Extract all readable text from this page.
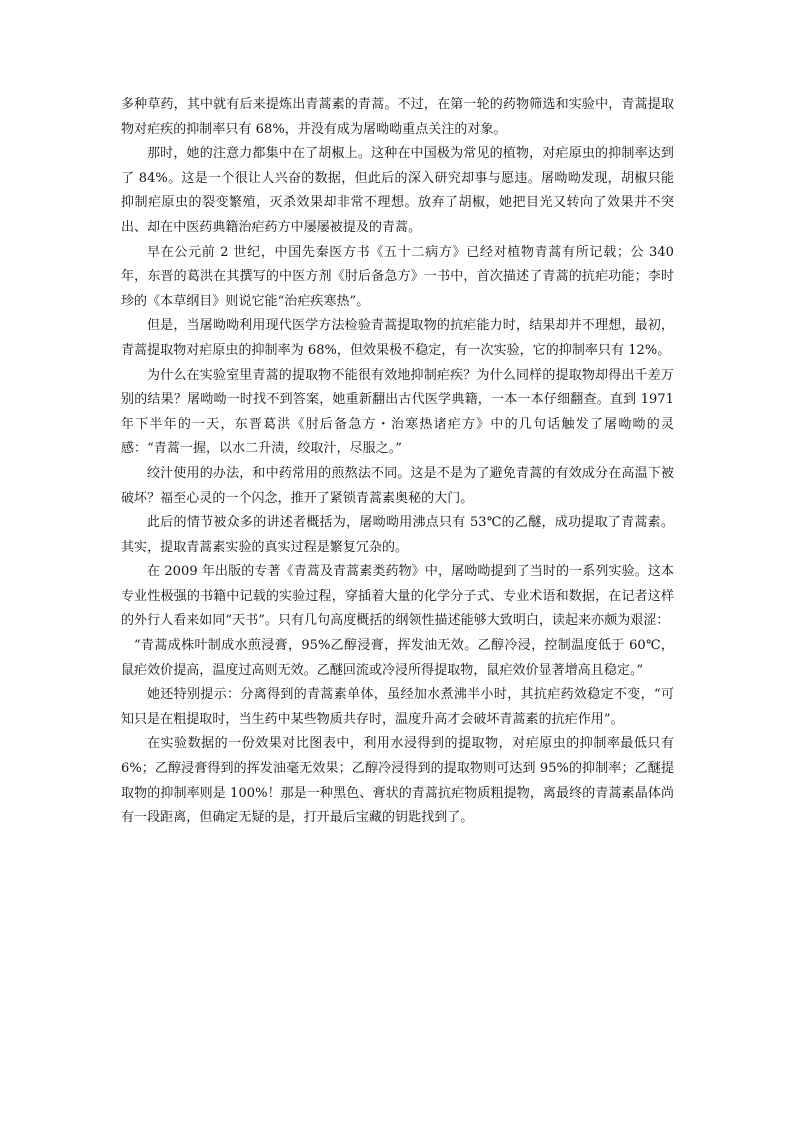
多种草药，其中就有后来提炼出青蒿素的青蒿。不过，在第一轮的药物筛选和实验中，青蒿提取物对疟疾的抑制率只有 68%，并没有成为屠呦呦重点关注的对象。

那时，她的注意力都集中在了胡椒上。这种在中国极为常见的植物，对疟原虫的抑制率达到了 84%。这是一个很让人兴奋的数据，但此后的深入研究却事与愿违。屠呦呦发现，胡椒只能抑制疟原虫的裂变繁殖，灭杀效果却非常不理想。放弃了胡椒，她把目光又转向了效果并不突出、却在中医药典籍治疟药方中屡屡被提及的青蒿。

早在公元前 2 世纪，中国先秦医方书《五十二病方》已经对植物青蒿有所记载；公 340 年，东晋的葛洪在其撰写的中医方剂《肘后备急方》一书中，首次描述了青蒿的抗疟功能；李时珍的《本草纲目》则说它能“治疟疾寒热”。

但是，当屠呦呦利用现代医学方法检验青蒿提取物的抗疟能力时，结果却并不理想，最初，青蒿提取物对疟原虫的抑制率为 68%，但效果极不稳定，有一次实验，它的抑制率只有 12%。

为什么在实验室里青蒿的提取物不能很有效地抑制疟疾？为什么同样的提取物却得出千差万别的结果？屠呦呦一时找不到答案，她重新翻出古代医学典籍，一本一本仔细翻查。直到 1971 年下半年的一天，东晋葛洪《肘后备急方・治寒热诸疟方》中的几句话触发了屠呦呦的灵感：“青蒿一握，以水二升渍，绞取汁，尽服之。”

绞汁使用的办法，和中药常用的煎熬法不同。这是不是为了避免青蒿的有效成分在高温下被破坏？福至心灵的一个闪念，推开了紧锁青蒿素奥秘的大门。

此后的情节被众多的讲述者概括为，屠呦呦用沸点只有 53℃的乙醚，成功提取了青蒿素。其实，提取青蒿素实验的真实过程是繁复冗杂的。

在 2009 年出版的专著《青蒿及青蒿素类药物》中，屠呦呦提到了当时的一系列实验。这本专业性极强的书籍中记载的实验过程，穿插着大量的化学分子式、专业术语和数据，在记者这样的外行人看来如同“天书”。只有几句高度概括的纲领性描述能够大致明白，读起来亦颇为艰涩：

“青蒿成株叶制成水煎浸膏，95%乙醇浸膏，挥发油无效。乙醇冷浸，控制温度低于 60℃，鼠疟效价提高，温度过高则无效。乙醚回流或冷浸所得提取物，鼠疟效价显著增高且稳定。”

她还特别提示：分离得到的青蒿素单体，虽经加水煮沸半小时，其抗疟药效稳定不变，“可知只是在粗提取时，当生药中某些物质共存时，温度升高才会破坏青蒿素的抗疟作用”。

在实验数据的一份效果对比图表中，利用水浸得到的提取物，对疟原虫的抑制率最低只有 6%；乙醇浸膏得到的挥发油毫无效果；乙醇冷浸得到的提取物则可达到 95%的抑制率；乙醚提取物的抑制率则是 100%！那是一种黑色、膏状的青蒿抗疟物质粗提物，离最终的青蒿素晶体尚有一段距离，但确定无疑的是，打开最后宝藏的钥匙找到了。
